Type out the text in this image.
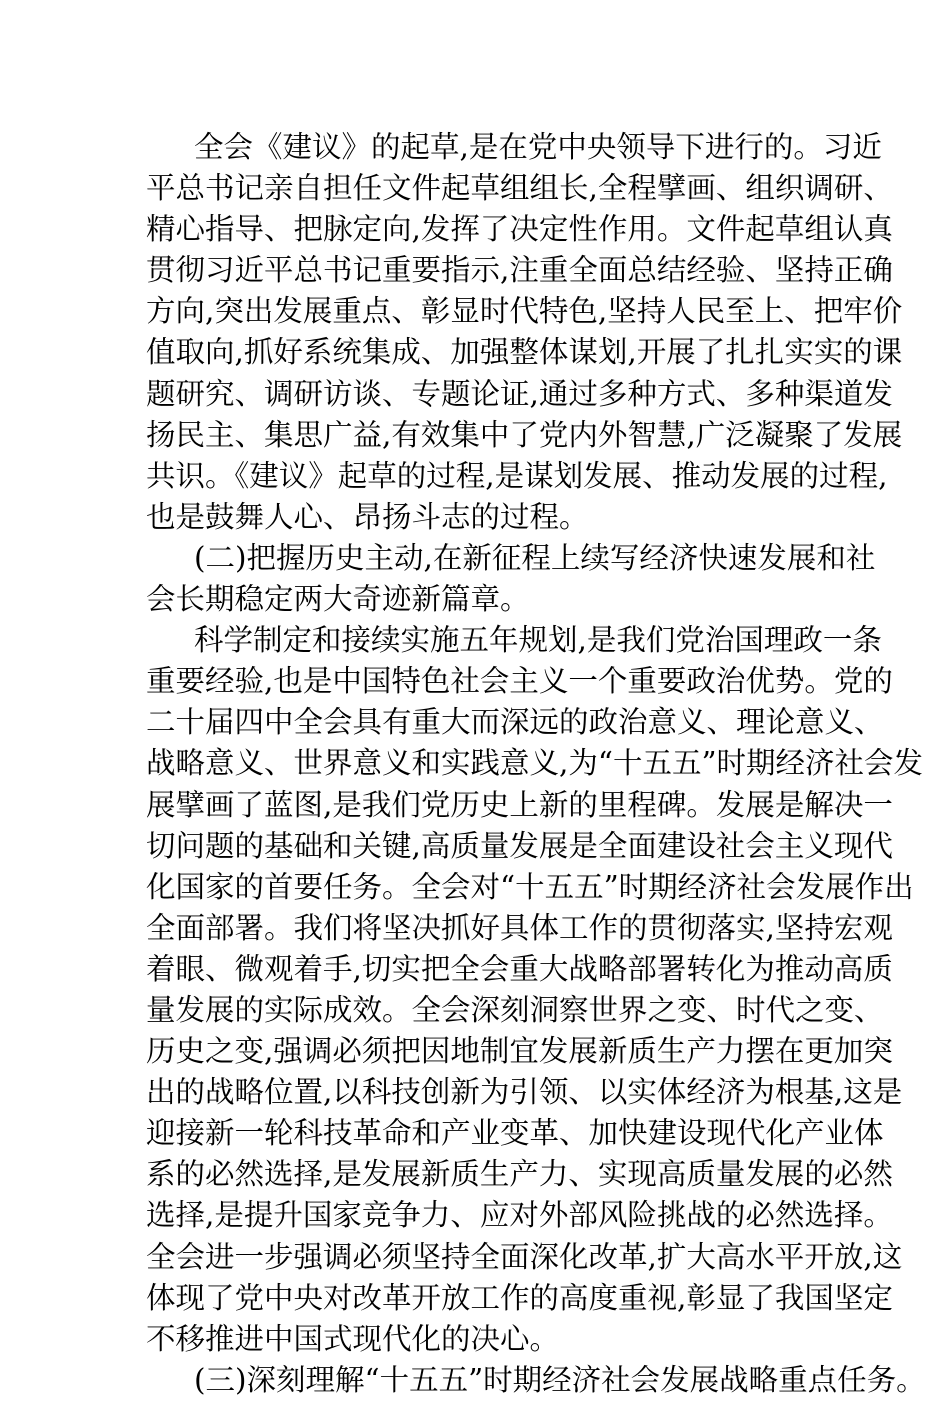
全会《建议》的起草,是在党中央领导下进行的。习近
平总书记亲自担任文件起草组组长,全程擘画、组织调研、
精心指导、把脉定向,发挥了决定性作用。文件起草组认真
贯彻习近平总书记重要指示,注重全面总结经验、坚持正确
方向,突出发展重点、彰显时代特色,坚持人民至上、把牢价
值取向,抓好系统集成、加强整体谋划,开展了扎扎实实的课
题研究、调研访谈、专题论证,通过多种方式、多种渠道发
扬民主、集思广益,有效集中了党内外智慧,广泛凝聚了发展
共识。《建议》起草的过程,是谋划发展、推动发展的过程,
也是鼓舞人心、昂扬斗志的过程。
(二)把握历史主动,在新征程上续写经济快速发展和社
会长期稳定两大奇迹新篇章。
科学制定和接续实施五年规划,是我们党治国理政一条
重要经验,也是中国特色社会主义一个重要政治优势。党的
二十届四中全会具有重大而深远的政治意义、理论意义、
战略意义、世界意义和实践意义,为“十五五”时期经济社会发
展擘画了蓝图,是我们党历史上新的里程碑。发展是解决一
切问题的基础和关键,高质量发展是全面建设社会主义现代
化国家的首要任务。全会对“十五五”时期经济社会发展作出
全面部署。我们将坚决抓好具体工作的贯彻落实,坚持宏观
着眼、微观着手,切实把全会重大战略部署转化为推动高质
量发展的实际成效。全会深刻洞察世界之变、时代之变、
历史之变,强调必须把因地制宜发展新质生产力摆在更加突
出的战略位置,以科技创新为引领、以实体经济为根基,这是
迎接新一轮科技革命和产业变革、加快建设现代化产业体
系的必然选择,是发展新质生产力、实现高质量发展的必然
选择,是提升国家竞争力、应对外部风险挑战的必然选择。
全会进一步强调必须坚持全面深化改革,扩大高水平开放,这
体现了党中央对改革开放工作的高度重视,彰显了我国坚定
不移推进中国式现代化的决心。
(三)深刻理解“十五五”时期经济社会发展战略重点任务。
